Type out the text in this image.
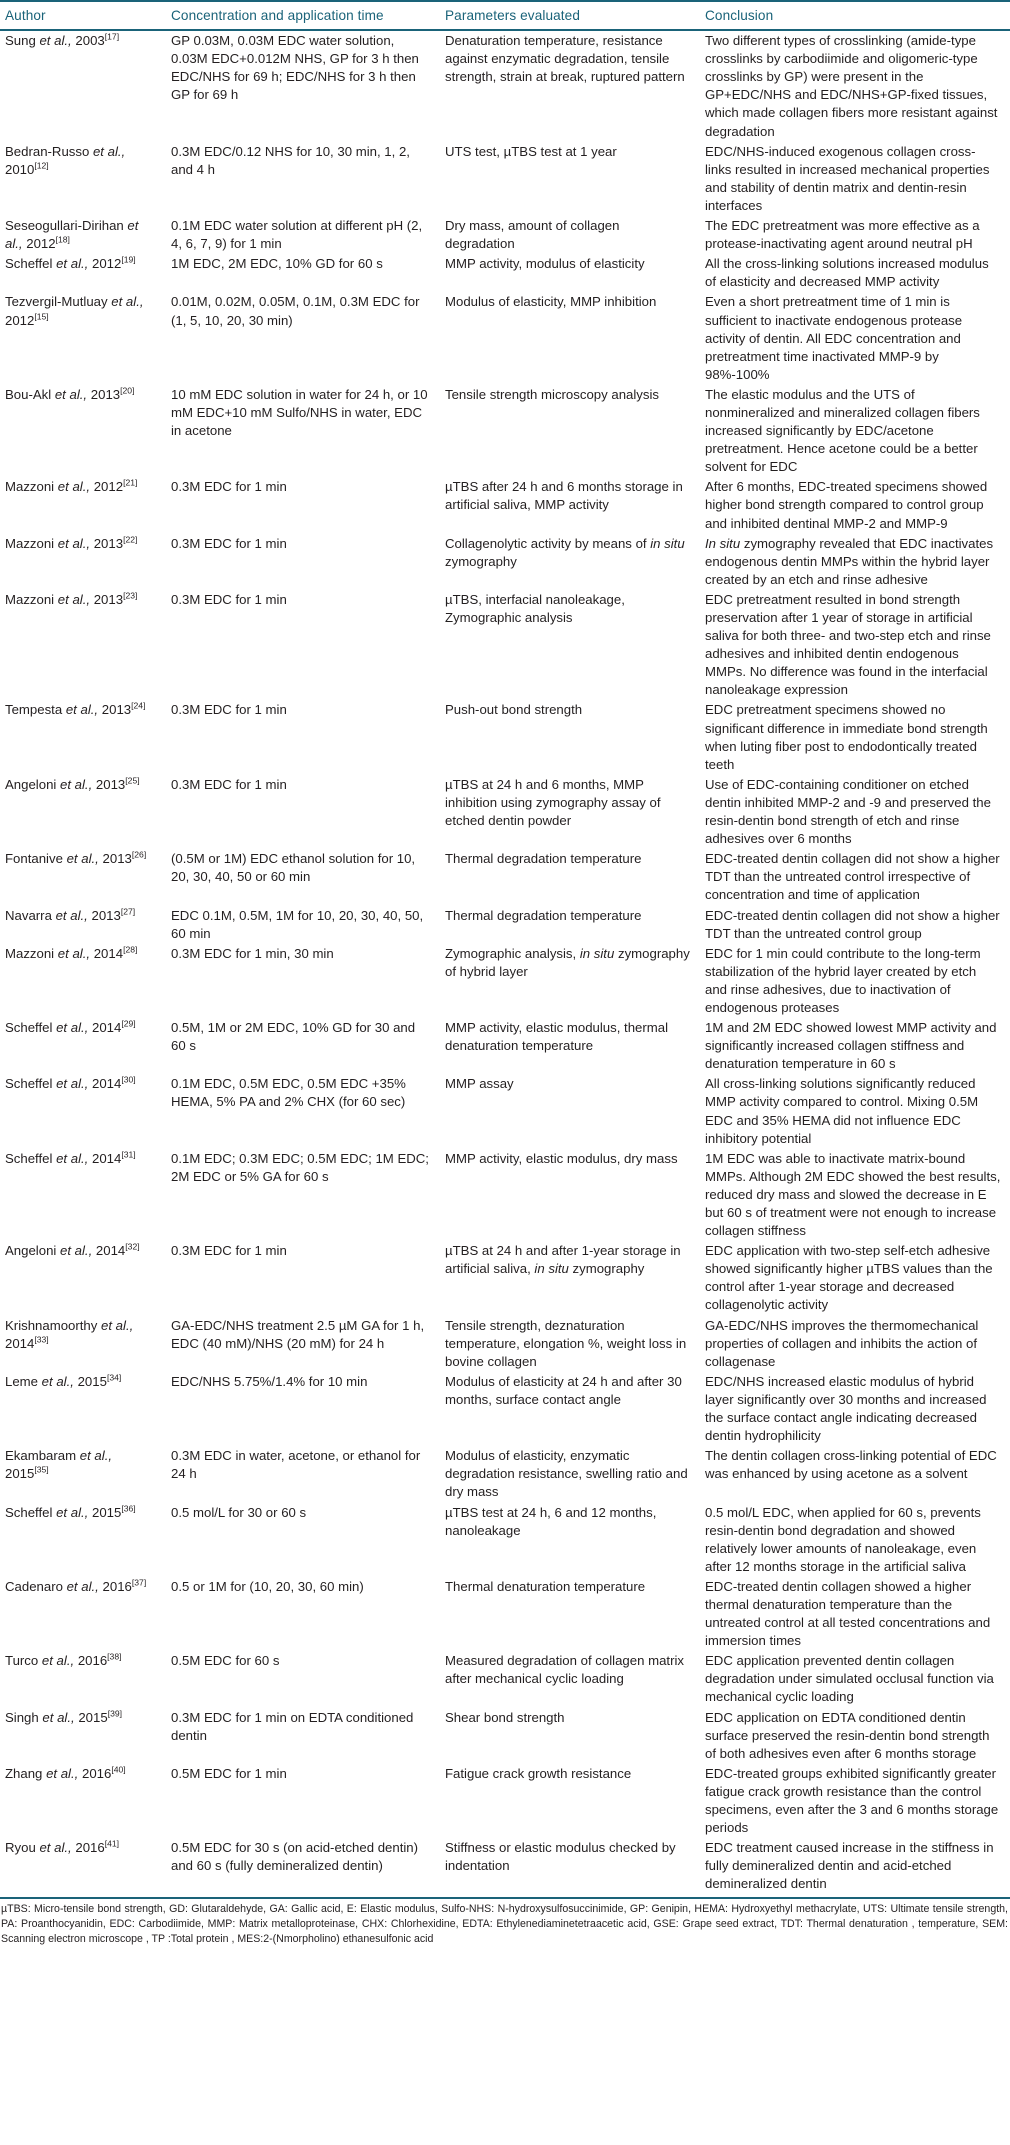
Author	Concentration and application time	Parameters evaluated	Conclusion
Sung et al., 2003[17]	GP 0.03M, 0.03M EDC water solution, 0.03M EDC+0.012M NHS, GP for 3 h then EDC/NHS for 69 h; EDC/NHS for 3 h then GP for 69 h	Denaturation temperature, resistance against enzymatic degradation, tensile strength, strain at break, ruptured pattern	Two different types of crosslinking (amide-type crosslinks by carbodiimide and oligomeric-type crosslinks by GP) were present in the GP+EDC/NHS and EDC/NHS+GP-fixed tissues, which made collagen fibers more resistant against degradation
Bedran-Russo et al., 2010[12]	0.3M EDC/0.12 NHS for 10, 30 min, 1, 2, and 4 h	UTS test, µTBS test at 1 year	EDC/NHS-induced exogenous collagen cross-links resulted in increased mechanical properties and stability of dentin matrix and dentin-resin interfaces
Seseogullari-Dirihan et al., 2012[18]	0.1M EDC water solution at different pH (2, 4, 6, 7, 9) for 1 min	Dry mass, amount of collagen degradation	The EDC pretreatment was more effective as a protease-inactivating agent around neutral pH
Scheffel et al., 2012[19]	1M EDC, 2M EDC, 10% GD for 60 s	MMP activity, modulus of elasticity	All the cross-linking solutions increased modulus of elasticity and decreased MMP activity
Tezvergil-Mutluay et al., 2012[15]	0.01M, 0.02M, 0.05M, 0.1M, 0.3M EDC for (1, 5, 10, 20, 30 min)	Modulus of elasticity, MMP inhibition	Even a short pretreatment time of 1 min is sufficient to inactivate endogenous protease activity of dentin. All EDC concentration and pretreatment time inactivated MMP-9 by 98%-100%
Bou-Akl et al., 2013[20]	10 mM EDC solution in water for 24 h, or 10 mM EDC+10 mM Sulfo/NHS in water, EDC in acetone	Tensile strength microscopy analysis	The elastic modulus and the UTS of nonmineralized and mineralized collagen fibers increased significantly by EDC/acetone pretreatment. Hence acetone could be a better solvent for EDC
Mazzoni et al., 2012[21]	0.3M EDC for 1 min	µTBS after 24 h and 6 months storage in artificial saliva, MMP activity	After 6 months, EDC-treated specimens showed higher bond strength compared to control group and inhibited dentinal MMP-2 and MMP-9
Mazzoni et al., 2013[22]	0.3M EDC for 1 min	Collagenolytic activity by means of in situ zymography	In situ zymography revealed that EDC inactivates endogenous dentin MMPs within the hybrid layer created by an etch and rinse adhesive
Mazzoni et al., 2013[23]	0.3M EDC for 1 min	µTBS, interfacial nanoleakage, Zymographic analysis	EDC pretreatment resulted in bond strength preservation after 1 year of storage in artificial saliva for both three- and two-step etch and rinse adhesives and inhibited dentin endogenous MMPs. No difference was found in the interfacial nanoleakage expression
Tempesta et al., 2013[24]	0.3M EDC for 1 min	Push-out bond strength	EDC pretreatment specimens showed no significant difference in immediate bond strength when luting fiber post to endodontically treated teeth
Angeloni et al., 2013[25]	0.3M EDC for 1 min	µTBS at 24 h and 6 months, MMP inhibition using zymography assay of etched dentin powder	Use of EDC-containing conditioner on etched dentin inhibited MMP-2 and -9 and preserved the resin-dentin bond strength of etch and rinse adhesives over 6 months
Fontanive et al., 2013[26]	(0.5M or 1M) EDC ethanol solution for 10, 20, 30, 40, 50 or 60 min	Thermal degradation temperature	EDC-treated dentin collagen did not show a higher TDT than the untreated control irrespective of concentration and time of application
Navarra et al., 2013[27]	EDC 0.1M, 0.5M, 1M for 10, 20, 30, 40, 50, 60 min	Thermal degradation temperature	EDC-treated dentin collagen did not show a higher TDT than the untreated control group
Mazzoni et al., 2014[28]	0.3M EDC for 1 min, 30 min	Zymographic analysis, in situ zymography of hybrid layer	EDC for 1 min could contribute to the long-term stabilization of the hybrid layer created by etch and rinse adhesives, due to inactivation of endogenous proteases
Scheffel et al., 2014[29]	0.5M, 1M or 2M EDC, 10% GD for 30 and 60 s	MMP activity, elastic modulus, thermal denaturation temperature	1M and 2M EDC showed lowest MMP activity and significantly increased collagen stiffness and denaturation temperature in 60 s
Scheffel et al., 2014[30]	0.1M EDC, 0.5M EDC, 0.5M EDC +35% HEMA, 5% PA and 2% CHX (for 60 sec)	MMP assay	All cross-linking solutions significantly reduced MMP activity compared to control. Mixing 0.5M EDC and 35% HEMA did not influence EDC inhibitory potential
Scheffel et al., 2014[31]	0.1M EDC; 0.3M EDC; 0.5M EDC; 1M EDC; 2M EDC or 5% GA for 60 s	MMP activity, elastic modulus, dry mass	1M EDC was able to inactivate matrix-bound MMPs. Although 2M EDC showed the best results, reduced dry mass and slowed the decrease in E but 60 s of treatment were not enough to increase collagen stiffness
Angeloni et al., 2014[32]	0.3M EDC for 1 min	µTBS at 24 h and after 1-year storage in artificial saliva, in situ zymography	EDC application with two-step self-etch adhesive showed significantly higher µTBS values than the control after 1-year storage and decreased collagenolytic activity
Krishnamoorthy et al., 2014[33]	GA-EDC/NHS treatment 2.5 µM GA for 1 h, EDC (40 mM)/NHS (20 mM) for 24 h	Tensile strength, deznaturation temperature, elongation %, weight loss in bovine collagen	GA-EDC/NHS improves the thermomechanical properties of collagen and inhibits the action of collagenase
Leme et al., 2015[34]	EDC/NHS 5.75%/1.4% for 10 min	Modulus of elasticity at 24 h and after 30 months, surface contact angle	EDC/NHS increased elastic modulus of hybrid layer significantly over 30 months and increased the surface contact angle indicating decreased dentin hydrophilicity
Ekambaram et al., 2015[35]	0.3M EDC in water, acetone, or ethanol for 24 h	Modulus of elasticity, enzymatic degradation resistance, swelling ratio and dry mass	The dentin collagen cross-linking potential of EDC was enhanced by using acetone as a solvent
Scheffel et al., 2015[36]	0.5 mol/L for 30 or 60 s	µTBS test at 24 h, 6 and 12 months, nanoleakage	0.5 mol/L EDC, when applied for 60 s, prevents resin-dentin bond degradation and showed relatively lower amounts of nanoleakage, even after 12 months storage in the artificial saliva
Cadenaro et al., 2016[37]	0.5 or 1M for (10, 20, 30, 60 min)	Thermal denaturation temperature	EDC-treated dentin collagen showed a higher thermal denaturation temperature than the untreated control at all tested concentrations and immersion times
Turco et al., 2016[38]	0.5M EDC for 60 s	Measured degradation of collagen matrix after mechanical cyclic loading	EDC application prevented dentin collagen degradation under simulated occlusal function via mechanical cyclic loading
Singh et al., 2015[39]	0.3M EDC for 1 min on EDTA conditioned dentin	Shear bond strength	EDC application on EDTA conditioned dentin surface preserved the resin-dentin bond strength of both adhesives even after 6 months storage
Zhang et al., 2016[40]	0.5M EDC for 1 min	Fatigue crack growth resistance	EDC-treated groups exhibited significantly greater fatigue crack growth resistance than the control specimens, even after the 3 and 6 months storage periods
Ryou et al., 2016[41]	0.5M EDC for 30 s (on acid-etched dentin) and 60 s (fully demineralized dentin)	Stiffness or elastic modulus checked by indentation	EDC treatment caused increase in the stiffness in fully demineralized dentin and acid-etched demineralized dentin
µTBS: Micro-tensile bond strength, GD: Glutaraldehyde, GA: Gallic acid, E: Elastic modulus, Sulfo-NHS: N-hydroxysulfosuccinimide, GP: Genipin, HEMA: Hydroxyethyl methacrylate, UTS: Ultimate tensile strength, PA: Proanthocyanidin, EDC: Carbodiimide, MMP: Matrix metalloproteinase, CHX: Chlorhexidine, EDTA: Ethylenediaminetetraacetic acid, GSE: Grape seed extract, TDT: Thermal denaturation , temperature, SEM: Scanning electron microscope , TP :Total protein , MES:2-(Nmorpholino) ethanesulfonic acid
